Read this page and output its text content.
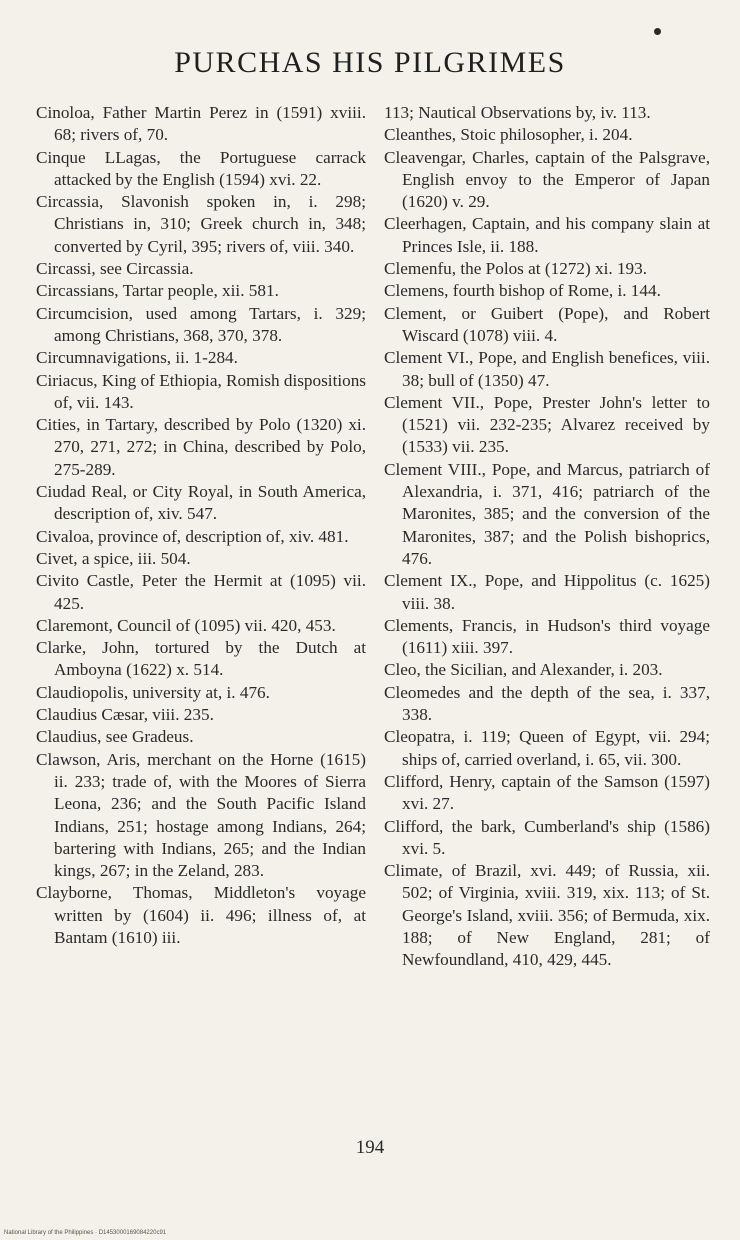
PURCHAS HIS PILGRIMES

Cinoloa, Father Martin Perez in (1591) xviii. 68; rivers of, 70.

Cinque LLagas, the Portuguese carrack attacked by the English (1594) xvi. 22.

Circassia, Slavonish spoken in, i. 298; Christians in, 310; Greek church in, 348; converted by Cyril, 395; rivers of, viii. 340.

Circassi, see Circassia.

Circassians, Tartar people, xii. 581.

Circumcision, used among Tartars, i. 329; among Christians, 368, 370, 378.

Circumnavigations, ii. 1-284.

Ciriacus, King of Ethiopia, Romish dispositions of, vii. 143.

Cities, in Tartary, described by Polo (1320) xi. 270, 271, 272; in China, described by Polo, 275-289.

Ciudad Real, or City Royal, in South America, description of, xiv. 547.

Civaloa, province of, description of, xiv. 481.

Civet, a spice, iii. 504.

Civito Castle, Peter the Hermit at (1095) vii. 425.

Claremont, Council of (1095) vii. 420, 453.

Clarke, John, tortured by the Dutch at Amboyna (1622) x. 514.

Claudiopolis, university at, i. 476.

Claudius Cæsar, viii. 235.

Claudius, see Gradeus.

Clawson, Aris, merchant on the Horne (1615) ii. 233; trade of, with the Moores of Sierra Leona, 236; and the South Pacific Island Indians, 251; hostage among Indians, 264; bartering with Indians, 265; and the Indian kings, 267; in the Zeland, 283.

Clayborne, Thomas, Middleton's voyage written by (1604) ii. 496; illness of, at Bantam (1610) iii.

113; Nautical Observations by, iv. 113.

Cleanthes, Stoic philosopher, i. 204.

Cleavengar, Charles, captain of the Palsgrave, English envoy to the Emperor of Japan (1620) v. 29.

Cleerhagen, Captain, and his company slain at Princes Isle, ii. 188.

Clemenfu, the Polos at (1272) xi. 193.

Clemens, fourth bishop of Rome, i. 144.

Clement, or Guibert (Pope), and Robert Wiscard (1078) viii. 4.

Clement VI., Pope, and English benefices, viii. 38; bull of (1350) 47.

Clement VII., Pope, Prester John's letter to (1521) vii. 232-235; Alvarez received by (1533) vii. 235.

Clement VIII., Pope, and Marcus, patriarch of Alexandria, i. 371, 416; patriarch of the Maronites, 385; and the conversion of the Maronites, 387; and the Polish bishoprics, 476.

Clement IX., Pope, and Hippolitus (c. 1625) viii. 38.

Clements, Francis, in Hudson's third voyage (1611) xiii. 397.

Cleo, the Sicilian, and Alexander, i. 203.

Cleomedes and the depth of the sea, i. 337, 338.

Cleopatra, i. 119; Queen of Egypt, vii. 294; ships of, carried overland, i. 65, vii. 300.

Clifford, Henry, captain of the Samson (1597) xvi. 27.

Clifford, the bark, Cumberland's ship (1586) xvi. 5.

Climate, of Brazil, xvi. 449; of Russia, xii. 502; of Virginia, xviii. 319, xix. 113; of St. George's Island, xviii. 356; of Bermuda, xix. 188; of New England, 281; of Newfoundland, 410, 429, 445.

194
National Library of the Philippines · D1453000169084220c91
